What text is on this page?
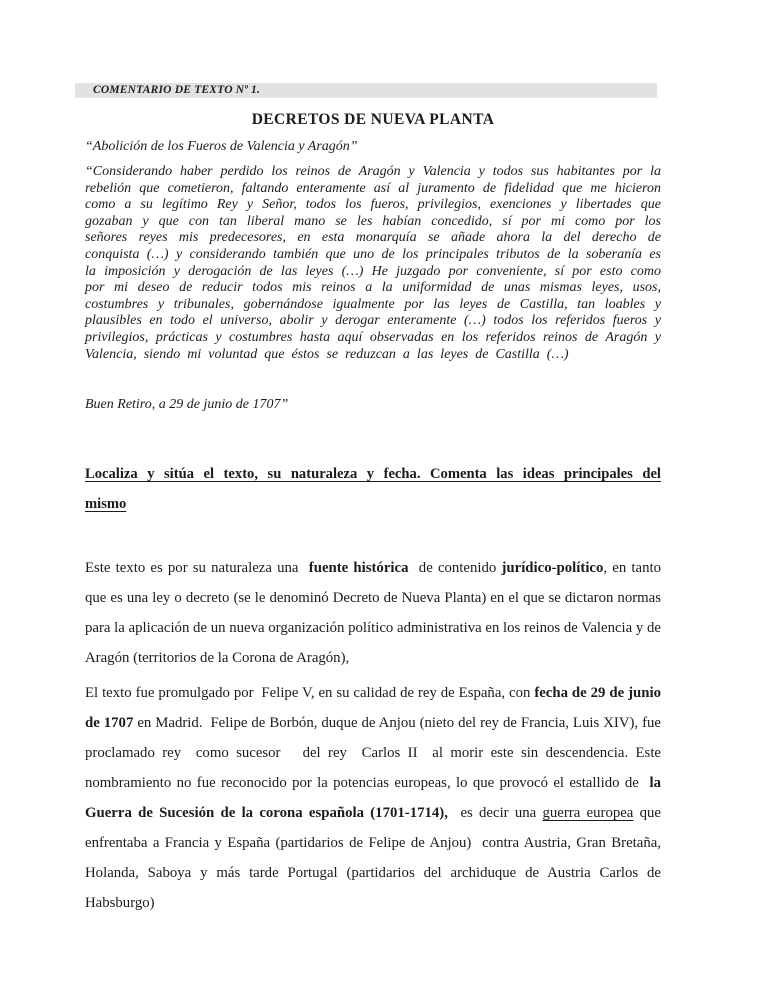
COMENTARIO DE TEXTO Nº 1.
DECRETOS DE NUEVA PLANTA

“Abolición de los Fueros de Valencia y Aragón”

“Considerando haber perdido los reinos de Aragón y Valencia y todos sus habitantes por la rebelión que cometieron, faltando enteramente así al juramento de fidelidad que me hicieron como a su legítimo Rey y Señor, todos los fueros, privilegios, exenciones y libertades que gozaban y que con tan liberal mano se les habían concedido, sí por mi como por los señores reyes mis predecesores, en esta monarquía se añade ahora la del derecho de conquista (…) y considerando también que uno de los principales tributos de la soberanía es la imposición y derogación de las leyes (…) He juzgado por conveniente, sí por esto como por mi deseo de reducir todos mis reinos a la uniformidad de unas mismas leyes, usos, costumbres y tribunales, gobernándose igualmente por las leyes de Castilla, tan loables y plausibles en todo el universo, abolir y derogar enteramente (…) todos los referidos fueros y privilegios, prácticas y costumbres hasta aquí observadas en los referidos reinos de Aragón y Valencia, siendo mi voluntad que éstos se reduzcan a las leyes de Castilla (…)

Buen Retiro, a 29 de junio de 1707”

Localiza y sitúa el texto, su naturaleza y fecha. Comenta las ideas principales del
mismo

Este texto es por su naturaleza una  fuente histórica  de contenido jurídico-político, en tanto que es una ley o decreto (se le denominó Decreto de Nueva Planta) en el que se dictaron normas para la aplicación de un nueva organización político administrativa en los reinos de Valencia y de Aragón (territorios de la Corona de Aragón),

El texto fue promulgado por  Felipe V, en su calidad de rey de España, con fecha de 29 de junio de 1707 en Madrid.  Felipe de Borbón, duque de Anjou (nieto del rey de Francia, Luis XIV), fue proclamado rey  como sucesor   del rey  Carlos II  al morir este sin descendencia. Este nombramiento no fue reconocido por la potencias europeas, lo que provocó el estallido de  la Guerra de Sucesión de la corona española (1701-1714),  es decir una guerra europea que enfrentaba a Francia y España (partidarios de Felipe de Anjou)  contra Austria, Gran Bretaña, Holanda, Saboya y más tarde Portugal (partidarios del archiduque de Austria Carlos de Habsburgo)
